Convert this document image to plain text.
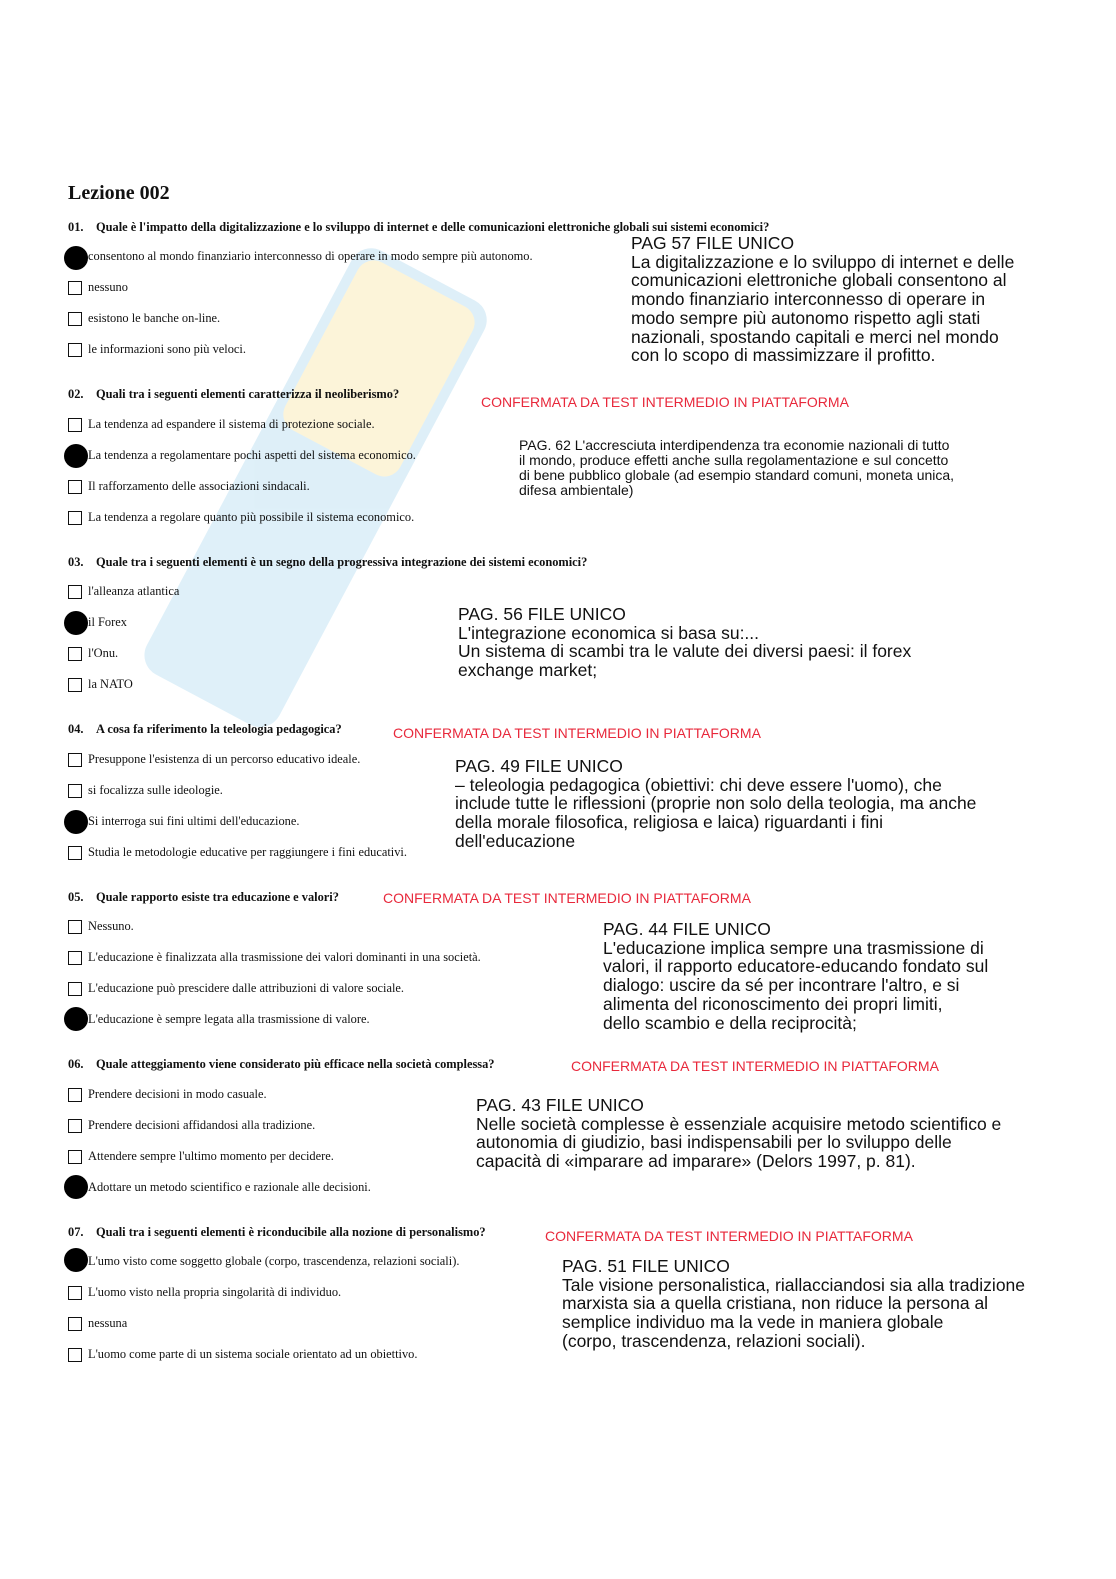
Lezione 002
01. Quale è l'impatto della digitalizzazione e lo sviluppo di internet e delle comunicazioni elettroniche globali sui sistemi economici?
consentono al mondo finanziario interconnesso di operare in modo sempre più autonomo.
nessuno
esistono le banche on-line.
le informazioni sono più veloci.
PAG 57 FILE UNICO
La digitalizzazione e lo sviluppo di internet e delle
comunicazioni elettroniche globali consentono al
mondo finanziario interconnesso di operare in
modo sempre più autonomo rispetto agli stati
nazionali, spostando capitali e merci nel mondo
con lo scopo di massimizzare il profitto.
02. Quali tra i seguenti elementi caratterizza il neoliberismo?	CONFERMATA DA TEST INTERMEDIO IN PIATTAFORMA
La tendenza ad espandere il sistema di protezione sociale.
La tendenza a regolamentare pochi aspetti del sistema economico.
Il rafforzamento delle associazioni sindacali.
La tendenza a regolare quanto più possibile il sistema economico.
PAG. 62 L'accresciuta interdipendenza tra economie nazionali di tutto
il mondo, produce effetti anche sulla regolamentazione e sul concetto
di bene pubblico globale (ad esempio standard comuni, moneta unica,
difesa ambientale)
03. Quale tra i seguenti elementi è un segno della progressiva integrazione dei sistemi economici?
l'alleanza atlantica
il Forex
l'Onu.
la NATO
PAG. 56 FILE UNICO
L'integrazione economica si basa su:...
Un sistema di scambi tra le valute dei diversi paesi: il forex
exchange market;
04. A cosa fa riferimento la teleologia pedagogica?	CONFERMATA DA TEST INTERMEDIO IN PIATTAFORMA
Presuppone l'esistenza di un percorso educativo ideale.
si focalizza sulle ideologie.
Si interroga sui fini ultimi dell'educazione.
Studia le metodologie educative per raggiungere i fini educativi.
PAG. 49 FILE UNICO
– teleologia pedagogica (obiettivi: chi deve essere l'uomo), che
include tutte le riflessioni (proprie non solo della teologia, ma anche
della morale filosofica, religiosa e laica) riguardanti i fini
dell'educazione
05. Quale rapporto esiste tra educazione e valori?	CONFERMATA DA TEST INTERMEDIO IN PIATTAFORMA
Nessuno.
L'educazione è finalizzata alla trasmissione dei valori dominanti in una società.
L'educazione può prescidere dalle attribuzioni di valore sociale.
L'educazione è sempre legata alla trasmissione di valore.
PAG. 44 FILE UNICO
L'educazione implica sempre una trasmissione di
valori, il rapporto educatore-educando fondato sul
dialogo: uscire da sé per incontrare l'altro, e si
alimenta del riconoscimento dei propri limiti,
dello scambio e della reciprocità;
06. Quale atteggiamento viene considerato più efficace nella società complessa?	CONFERMATA DA TEST INTERMEDIO IN PIATTAFORMA
Prendere decisioni in modo casuale.
Prendere decisioni affidandosi alla tradizione.
Attendere sempre l'ultimo momento per decidere.
Adottare un metodo scientifico e razionale alle decisioni.
PAG. 43 FILE UNICO
Nelle società complesse è essenziale acquisire metodo scientifico e
autonomia di giudizio, basi indispensabili per lo sviluppo delle
capacità di «imparare ad imparare» (Delors 1997, p. 81).
07. Quali tra i seguenti elementi è riconducibile alla nozione di personalismo?	CONFERMATA DA TEST INTERMEDIO IN PIATTAFORMA
L'umo visto come soggetto globale (corpo, trascendenza, relazioni sociali).
L'uomo visto nella propria singolarità di individuo.
nessuna
L'uomo come parte di un sistema sociale orientato ad un obiettivo.
PAG. 51 FILE UNICO
Tale visione personalistica, riallacciandosi sia alla tradizione
marxista sia a quella cristiana, non riduce la persona al
semplice individuo ma la vede in maniera globale
(corpo, trascendenza, relazioni sociali).
